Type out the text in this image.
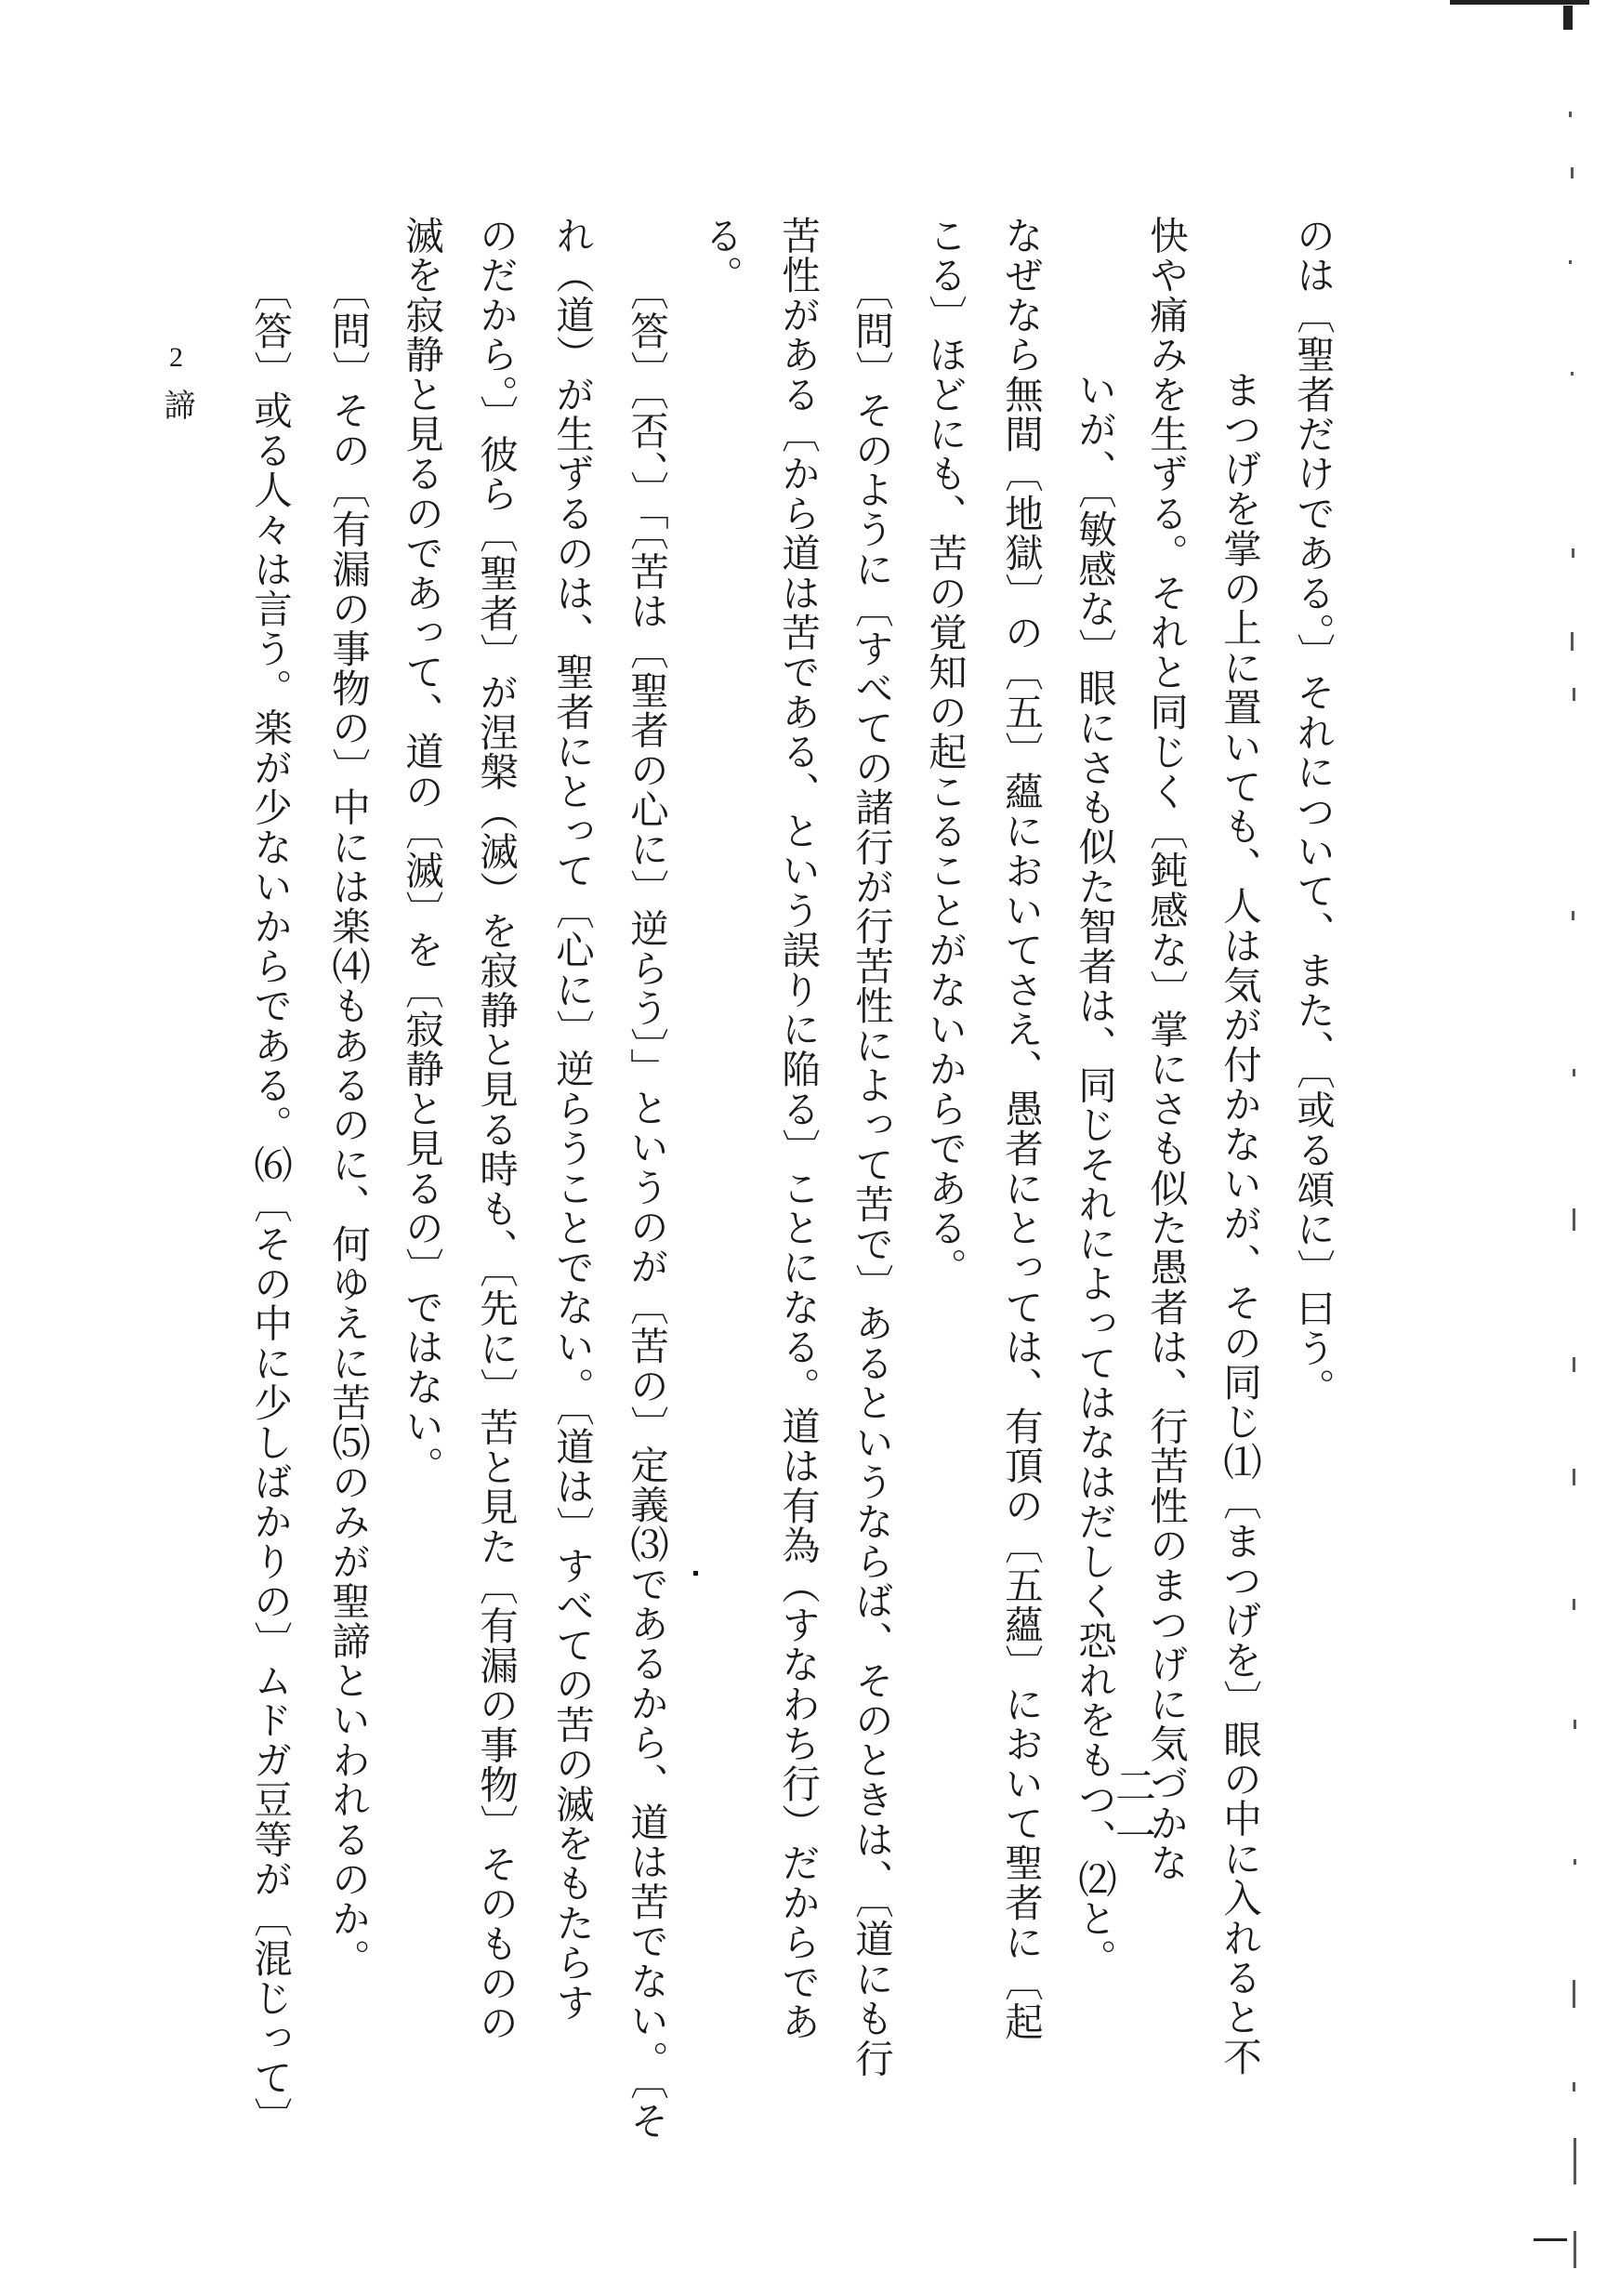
のは〔聖者だけである。〕それについて、また、〔或る頌に〕曰う。
まつげを掌の上に置いても、人は気が付かないが、その同じ⑴〔まつげを〕眼の中に入れると不
快や痛みを生ずる。それと同じく〔鈍感な〕掌にさも似た愚者は、行苦性のまつげに気づかな
いが、〔敏感な〕眼にさも似た智者は、同じそれによってはなはだしく恐れをもつ、⑵と。
なぜなら無間〔地獄〕の〔五〕蘊においてさえ、愚者にとっては、有頂の〔五蘊〕において聖者に〔起
こる〕ほどにも、苦の覚知の起こることがないからである。
〔問〕そのように〔すべての諸行が行苦性によって苦で〕あるというならば、そのときは、〔道にも行
苦性がある〔から道は苦である、という誤りに陥る〕ことになる。道は有為（すなわち行）だからであ
る。
〔答〕〔否、〕「〔苦は〔聖者の心に〕逆らう〕」というのが〔苦の〕定義⑶であるから、道は苦でない。〔そ
れ（道）が生ずるのは、聖者にとって〔心に〕逆らうことでない。〔道は〕すべての苦の滅をもたらす
のだから。〕彼ら〔聖者〕が涅槃（滅）を寂静と見る時も、〔先に〕苦と見た〔有漏の事物〕そのものの
滅を寂静と見るのであって、道の〔滅〕を〔寂静と見るの〕ではない。
〔問〕その〔有漏の事物の〕中には楽⑷もあるのに、何ゆえに苦⑸のみが聖諦といわれるのか。
〔答〕或る人々は言う。楽が少ないからである。⑹〔その中に少しばかりの〕ムドガ豆等が〔混じって〕
2
諦
二一
